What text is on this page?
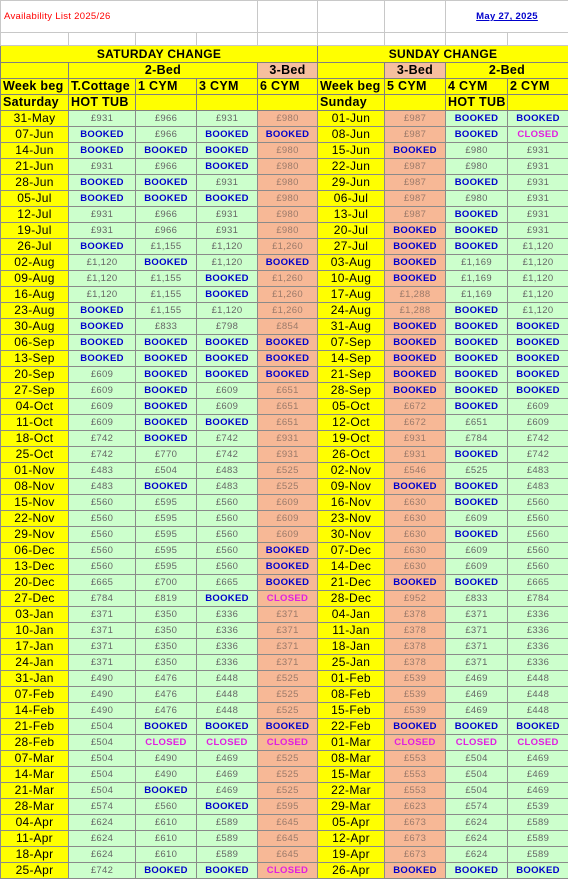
Availability List 2025/26							May 27, 2025	

SATURDAY CHANGE					SUNDAY CHANGE			
	2-Bed			3-Bed		3-Bed	2-Bed	
Week beg	T.Cottage	1 CYM	3 CYM	6 CYM	Week beg	5 CYM	4 CYM	2 CYM
Saturday	HOT TUB				Sunday		HOT TUB	
31-May	£931	£966	£931	£980	01-Jun	£987	BOOKED	BOOKED
07-Jun	BOOKED	£966	BOOKED	BOOKED	08-Jun	£987	BOOKED	CLOSED
14-Jun	BOOKED	BOOKED	BOOKED	£980	15-Jun	BOOKED	£980	£931
21-Jun	£931	£966	BOOKED	£980	22-Jun	£987	£980	£931
28-Jun	BOOKED	BOOKED	£931	£980	29-Jun	£987	BOOKED	£931
05-Jul	BOOKED	BOOKED	BOOKED	£980	06-Jul	£987	£980	£931
12-Jul	£931	£966	£931	£980	13-Jul	£987	BOOKED	£931
19-Jul	£931	£966	£931	£980	20-Jul	BOOKED	BOOKED	£931
26-Jul	BOOKED	£1,155	£1,120	£1,260	27-Jul	BOOKED	BOOKED	£1,120
02-Aug	£1,120	BOOKED	£1,120	BOOKED	03-Aug	BOOKED	£1,169	£1,120
09-Aug	£1,120	£1,155	BOOKED	£1,260	10-Aug	BOOKED	£1,169	£1,120
16-Aug	£1,120	£1,155	BOOKED	£1,260	17-Aug	£1,288	£1,169	£1,120
23-Aug	BOOKED	£1,155	£1,120	£1,260	24-Aug	£1,288	BOOKED	£1,120
30-Aug	BOOKED	£833	£798	£854	31-Aug	BOOKED	BOOKED	BOOKED
06-Sep	BOOKED	BOOKED	BOOKED	BOOKED	07-Sep	BOOKED	BOOKED	BOOKED
13-Sep	BOOKED	BOOKED	BOOKED	BOOKED	14-Sep	BOOKED	BOOKED	BOOKED
20-Sep	£609	BOOKED	BOOKED	BOOKED	21-Sep	BOOKED	BOOKED	BOOKED
27-Sep	£609	BOOKED	£609	£651	28-Sep	BOOKED	BOOKED	BOOKED
04-Oct	£609	BOOKED	£609	£651	05-Oct	£672	BOOKED	£609
11-Oct	£609	BOOKED	BOOKED	£651	12-Oct	£672	£651	£609
18-Oct	£742	BOOKED	£742	£931	19-Oct	£931	£784	£742
25-Oct	£742	£770	£742	£931	26-Oct	£931	BOOKED	£742
01-Nov	£483	£504	£483	£525	02-Nov	£546	£525	£483
08-Nov	£483	BOOKED	£483	£525	09-Nov	BOOKED	BOOKED	£483
15-Nov	£560	£595	£560	£609	16-Nov	£630	BOOKED	£560
22-Nov	£560	£595	£560	£609	23-Nov	£630	£609	£560
29-Nov	£560	£595	£560	£609	30-Nov	£630	BOOKED	£560
06-Dec	£560	£595	£560	BOOKED	07-Dec	£630	£609	£560
13-Dec	£560	£595	£560	BOOKED	14-Dec	£630	£609	£560
20-Dec	£665	£700	£665	BOOKED	21-Dec	BOOKED	BOOKED	£665
27-Dec	£784	£819	BOOKED	CLOSED	28-Dec	£952	£833	£784
03-Jan	£371	£350	£336	£371	04-Jan	£378	£371	£336
10-Jan	£371	£350	£336	£371	11-Jan	£378	£371	£336
17-Jan	£371	£350	£336	£371	18-Jan	£378	£371	£336
24-Jan	£371	£350	£336	£371	25-Jan	£378	£371	£336
31-Jan	£490	£476	£448	£525	01-Feb	£539	£469	£448
07-Feb	£490	£476	£448	£525	08-Feb	£539	£469	£448
14-Feb	£490	£476	£448	£525	15-Feb	£539	£469	£448
21-Feb	£504	BOOKED	BOOKED	BOOKED	22-Feb	BOOKED	BOOKED	BOOKED
28-Feb	£504	CLOSED	CLOSED	CLOSED	01-Mar	CLOSED	CLOSED	CLOSED
07-Mar	£504	£490	£469	£525	08-Mar	£553	£504	£469
14-Mar	£504	£490	£469	£525	15-Mar	£553	£504	£469
21-Mar	£504	BOOKED	£469	£525	22-Mar	£553	£504	£469
28-Mar	£574	£560	BOOKED	£595	29-Mar	£623	£574	£539
04-Apr	£624	£610	£589	£645	05-Apr	£673	£624	£589
11-Apr	£624	£610	£589	£645	12-Apr	£673	£624	£589
18-Apr	£624	£610	£589	£645	19-Apr	£673	£624	£589
25-Apr	£742	BOOKED	BOOKED	CLOSED	26-Apr	BOOKED	BOOKED	BOOKED
